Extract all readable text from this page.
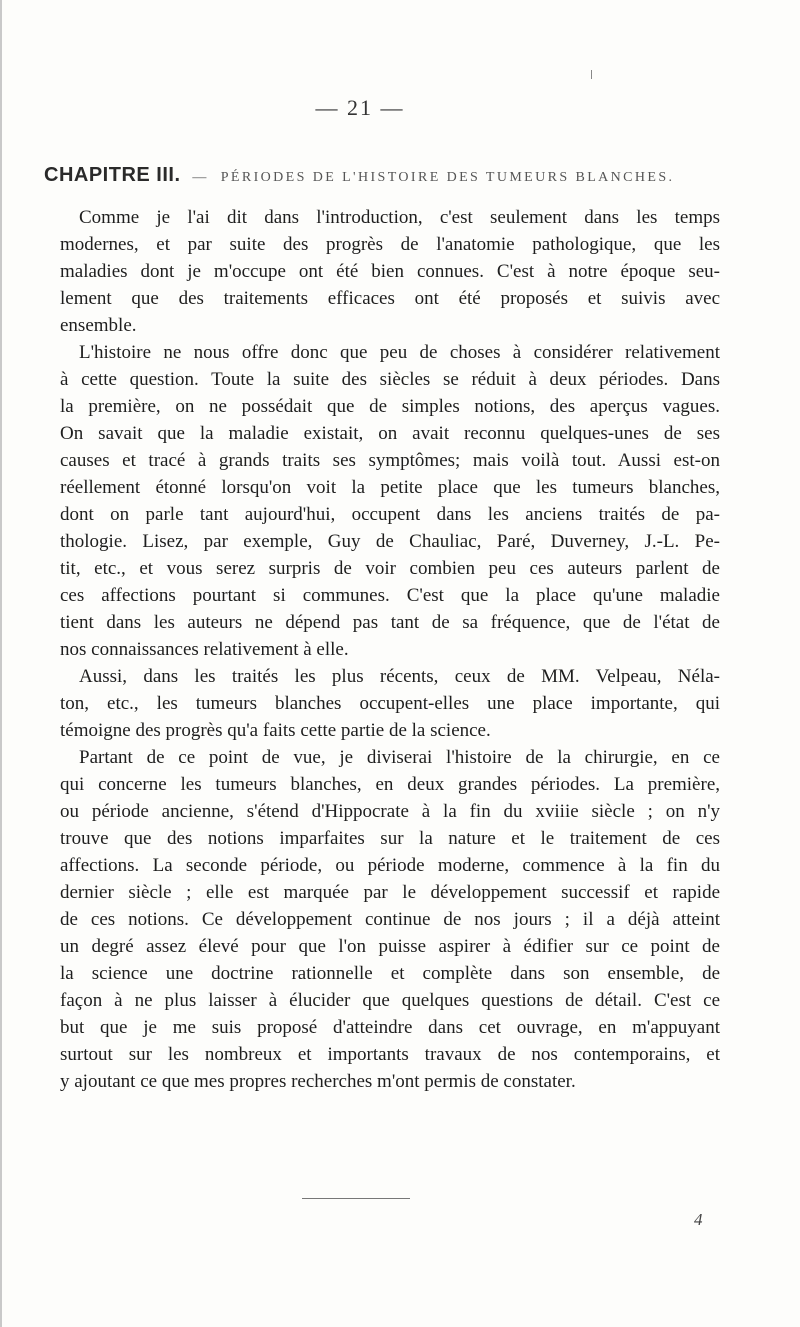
— 21 —
CHAPITRE III. — PÉRIODES DE L'HISTOIRE DES TUMEURS BLANCHES.

Comme je l'ai dit dans l'introduction, c'est seulement dans les temps
modernes, et par suite des progrès de l'anatomie pathologique, que les
maladies dont je m'occupe ont été bien connues. C'est à notre époque seu-
lement que des traitements efficaces ont été proposés et suivis avec
ensemble.

L'histoire ne nous offre donc que peu de choses à considérer relativement
à cette question. Toute la suite des siècles se réduit à deux périodes. Dans
la première, on ne possédait que de simples notions, des aperçus vagues.
On savait que la maladie existait, on avait reconnu quelques-unes de ses
causes et tracé à grands traits ses symptômes; mais voilà tout. Aussi est-on
réellement étonné lorsqu'on voit la petite place que les tumeurs blanches,
dont on parle tant aujourd'hui, occupent dans les anciens traités de pa-
thologie. Lisez, par exemple, Guy de Chauliac, Paré, Duverney, J.-L. Pe-
tit, etc., et vous serez surpris de voir combien peu ces auteurs parlent de
ces affections pourtant si communes. C'est que la place qu'une maladie
tient dans les auteurs ne dépend pas tant de sa fréquence, que de l'état de
nos connaissances relativement à elle.

Aussi, dans les traités les plus récents, ceux de MM. Velpeau, Néla-
ton, etc., les tumeurs blanches occupent-elles une place importante, qui
témoigne des progrès qu'a faits cette partie de la science.

Partant de ce point de vue, je diviserai l'histoire de la chirurgie, en ce
qui concerne les tumeurs blanches, en deux grandes périodes. La première,
ou période ancienne, s'étend d'Hippocrate à la fin du xviiie siècle ; on n'y
trouve que des notions imparfaites sur la nature et le traitement de ces
affections. La seconde période, ou période moderne, commence à la fin du
dernier siècle ; elle est marquée par le développement successif et rapide
de ces notions. Ce développement continue de nos jours ; il a déjà atteint
un degré assez élevé pour que l'on puisse aspirer à édifier sur ce point de
la science une doctrine rationnelle et complète dans son ensemble, de
façon à ne plus laisser à élucider que quelques questions de détail. C'est ce
but que je me suis proposé d'atteindre dans cet ouvrage, en m'appuyant
surtout sur les nombreux et importants travaux de nos contemporains, et
y ajoutant ce que mes propres recherches m'ont permis de constater.

4
